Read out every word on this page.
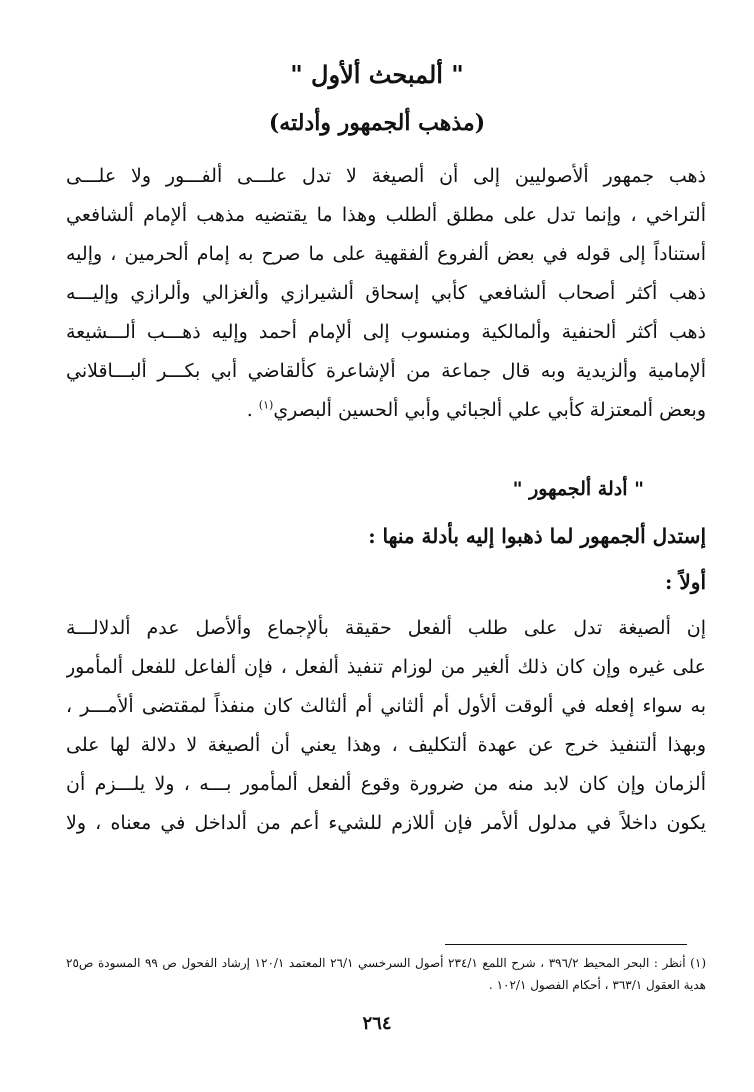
" ألمبحث ألأول "
(مذهب ألجمهور وأدلته)
ذهب جمهور ألأصوليين إلى أن ألصيغة لا تدل علـــى ألفـــور ولا علـــى
ألتراخي ، وإنما تدل على مطلق ألطلب وهذا ما يقتضيه مذهب ألإمام ألشافعي
أستناداً إلى قوله في بعض ألفروع ألفقهية على ما صرح به إمام ألحرمين ، وإليه
ذهب أكثر أصحاب ألشافعي كأبي إسحاق ألشيرازي وألغزالي وألرازي وإليـــه
ذهب أكثر ألحنفية وألمالكية ومنسوب إلى ألإمام أحمد وإليه ذهـــب ألـــشيعة
ألإمامية وألزيدية وبه قال جماعة من ألإشاعرة كألقاضي أبي بكـــر ألبـــاقلاني
وبعض ألمعتزلة كأبي علي ألجبائي وأبي ألحسين ألبصري$^{(١)}$ .
" أدلة ألجمهور "
إستدل ألجمهور لما ذهبوا إليه بأدلة منها :
أولاً :
إن ألصيغة تدل على طلب ألفعل حقيقة بألإجماع وألأصل عدم ألدلالـــة
على غيره وإن كان ذلك ألغير من لوزام تنفيذ ألفعل ، فإن ألفاعل للفعل ألمأمور
به سواء إفعله في ألوقت ألأول أم ألثاني أم ألثالث كان منفذاً لمقتضى ألأمـــر ،
وبهذا ألتنفيذ خرج عن عهدة ألتكليف ، وهذا يعني أن ألصيغة لا دلالة لها على
ألزمان وإن كان لابد منه من ضرورة وقوع ألفعل ألمأمور بـــه ، ولا يلـــزم أن
يكون داخلاً في مدلول ألأمر فإن أللازم للشيء أعم من ألداخل في معناه ، ولا
(١) أنظر : البحر المحيط ٣٩٦/٢ ، شرح اللمع ٢٣٤/١ أصول السرخسي ٢٦/١ المعتمد ١٢٠/١ إرشاد الفحول ص ٩٩ المسودة ص٢٥
هدية العقول ٣٦٣/١ ، أحكام الفصول ١٠٢/١ .
٢٦٤
